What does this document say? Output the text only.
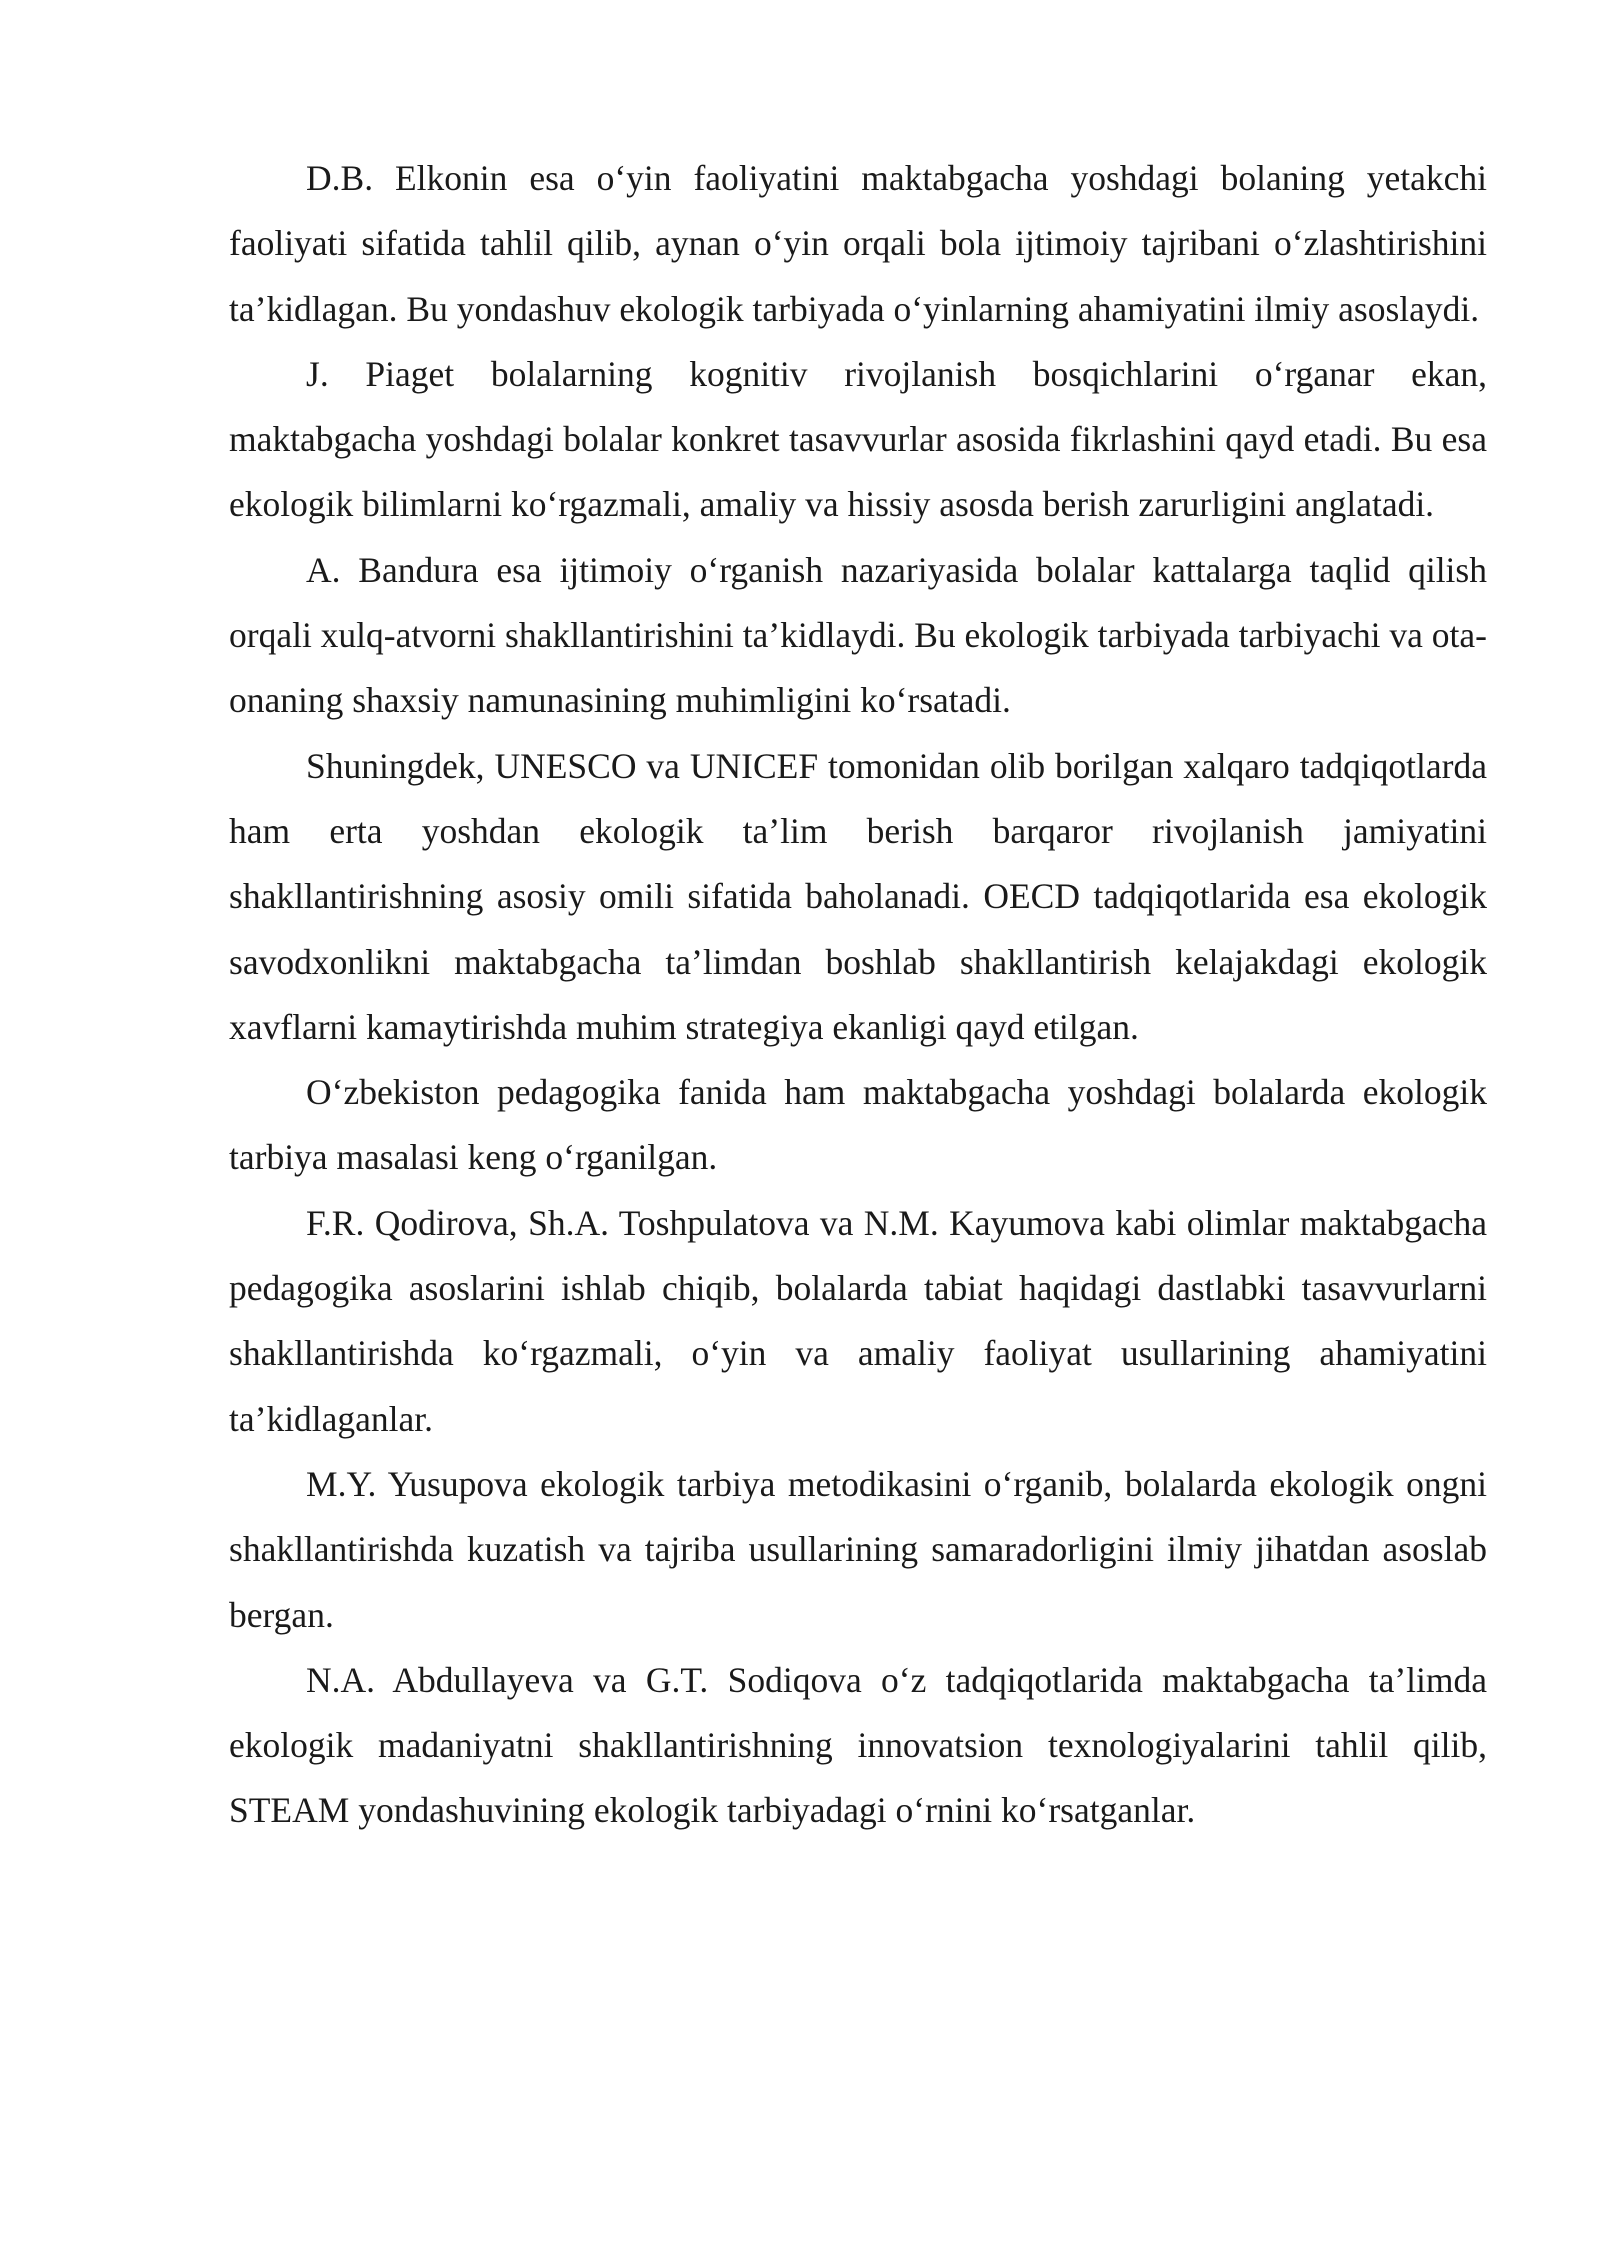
D.B. Elkonin esa o‘yin faoliyatini maktabgacha yoshdagi bolaning yetakchi faoliyati sifatida tahlil qilib, aynan o‘yin orqali bola ijtimoiy tajribani o‘zlashtirishini ta’kidlagan. Bu yondashuv ekologik tarbiyada o‘yinlarning ahamiyatini ilmiy asoslaydi.

J. Piaget bolalarning kognitiv rivojlanish bosqichlarini o‘rganar ekan, maktabgacha yoshdagi bolalar konkret tasavvurlar asosida fikrlashini qayd etadi. Bu esa ekologik bilimlarni ko‘rgazmali, amaliy va hissiy asosda berish zarurligini anglatadi.

A. Bandura esa ijtimoiy o‘rganish nazariyasida bolalar kattalarga taqlid qilish orqali xulq-atvorni shakllantirishini ta’kidlaydi. Bu ekologik tarbiyada tarbiyachi va ota-onaning shaxsiy namunasining muhimligini ko‘rsatadi.

Shuningdek, UNESCO va UNICEF tomonidan olib borilgan xalqaro tadqiqotlarda ham erta yoshdan ekologik ta’lim berish barqaror rivojlanish jamiyatini shakllantirishning asosiy omili sifatida baholanadi. OECD tadqiqotlarida esa ekologik savodxonlikni maktabgacha ta’limdan boshlab shakllantirish kelajakdagi ekologik xavflarni kamaytirishda muhim strategiya ekanligi qayd etilgan.

O‘zbekiston pedagogika fanida ham maktabgacha yoshdagi bolalarda ekologik tarbiya masalasi keng o‘rganilgan.

F.R. Qodirova, Sh.A. Toshpulatova va N.M. Kayumova kabi olimlar maktabgacha pedagogika asoslarini ishlab chiqib, bolalarda tabiat haqidagi dastlabki tasavvurlarni shakllantirishda ko‘rgazmali, o‘yin va amaliy faoliyat usullarining ahamiyatini ta’kidlaganlar.

M.Y. Yusupova ekologik tarbiya metodikasini o‘rganib, bolalarda ekologik ongni shakllantirishda kuzatish va tajriba usullarining samaradorligini ilmiy jihatdan asoslab bergan.

N.A. Abdullayeva va G.T. Sodiqova o‘z tadqiqotlarida maktabgacha ta’limda ekologik madaniyatni shakllantirishning innovatsion texnologiyalarini tahlil qilib, STEAM yondashuvining ekologik tarbiyadagi o‘rnini ko‘rsatganlar.
